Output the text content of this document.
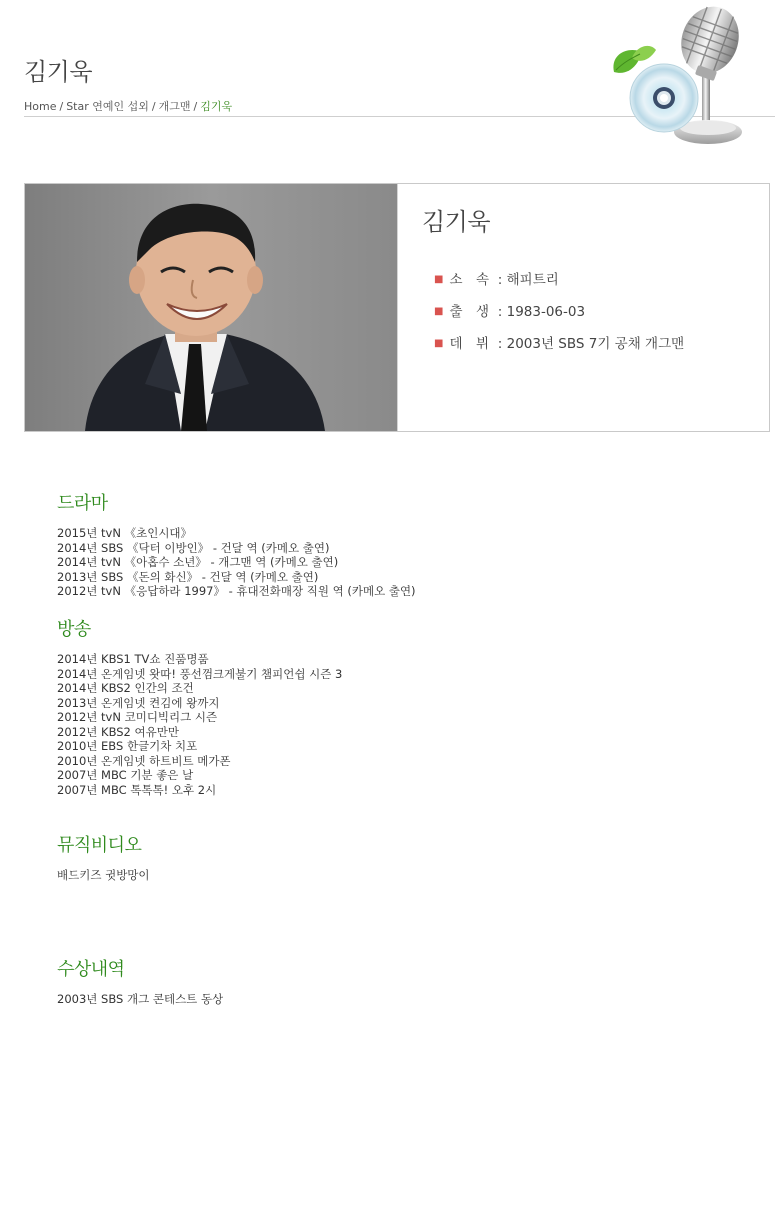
김기욱
Home / Star 연예인 섭외 / 개그맨 / 김기욱
김기욱
■ 소　속 : 해피트리
■ 출　생 : 1983-06-03
■ 데　뷔 : 2003년 SBS 7기 공채 개그맨
드라마
2015년 tvN 《초인시대》
2014년 SBS 《닥터 이방인》 - 건달 역 (카메오 출연)
2014년 tvN 《아홉수 소년》 - 개그맨 역 (카메오 출연)
2013년 SBS 《돈의 화신》 - 건달 역 (카메오 출연)
2012년 tvN 《응답하라 1997》 - 휴대전화매장 직원 역 (카메오 출연)
방송
2014년 KBS1 TV쇼 진품명품
2014년 온게임넷 왓따! 풍선껌크게불기 챔피언쉽 시즌 3
2014년 KBS2 인간의 조건
2013년 온게임넷 켠김에 왕까지
2012년 tvN 코미디빅리그 시즌
2012년 KBS2 여유만만
2010년 EBS 한글기차 치포
2010년 온게임넷 하트비트 메가폰
2007년 MBC 기분 좋은 날
2007년 MBC 톡톡톡! 오후 2시
뮤직비디오
배드키즈 귓방망이
수상내역
2003년 SBS 개그 콘테스트 동상
